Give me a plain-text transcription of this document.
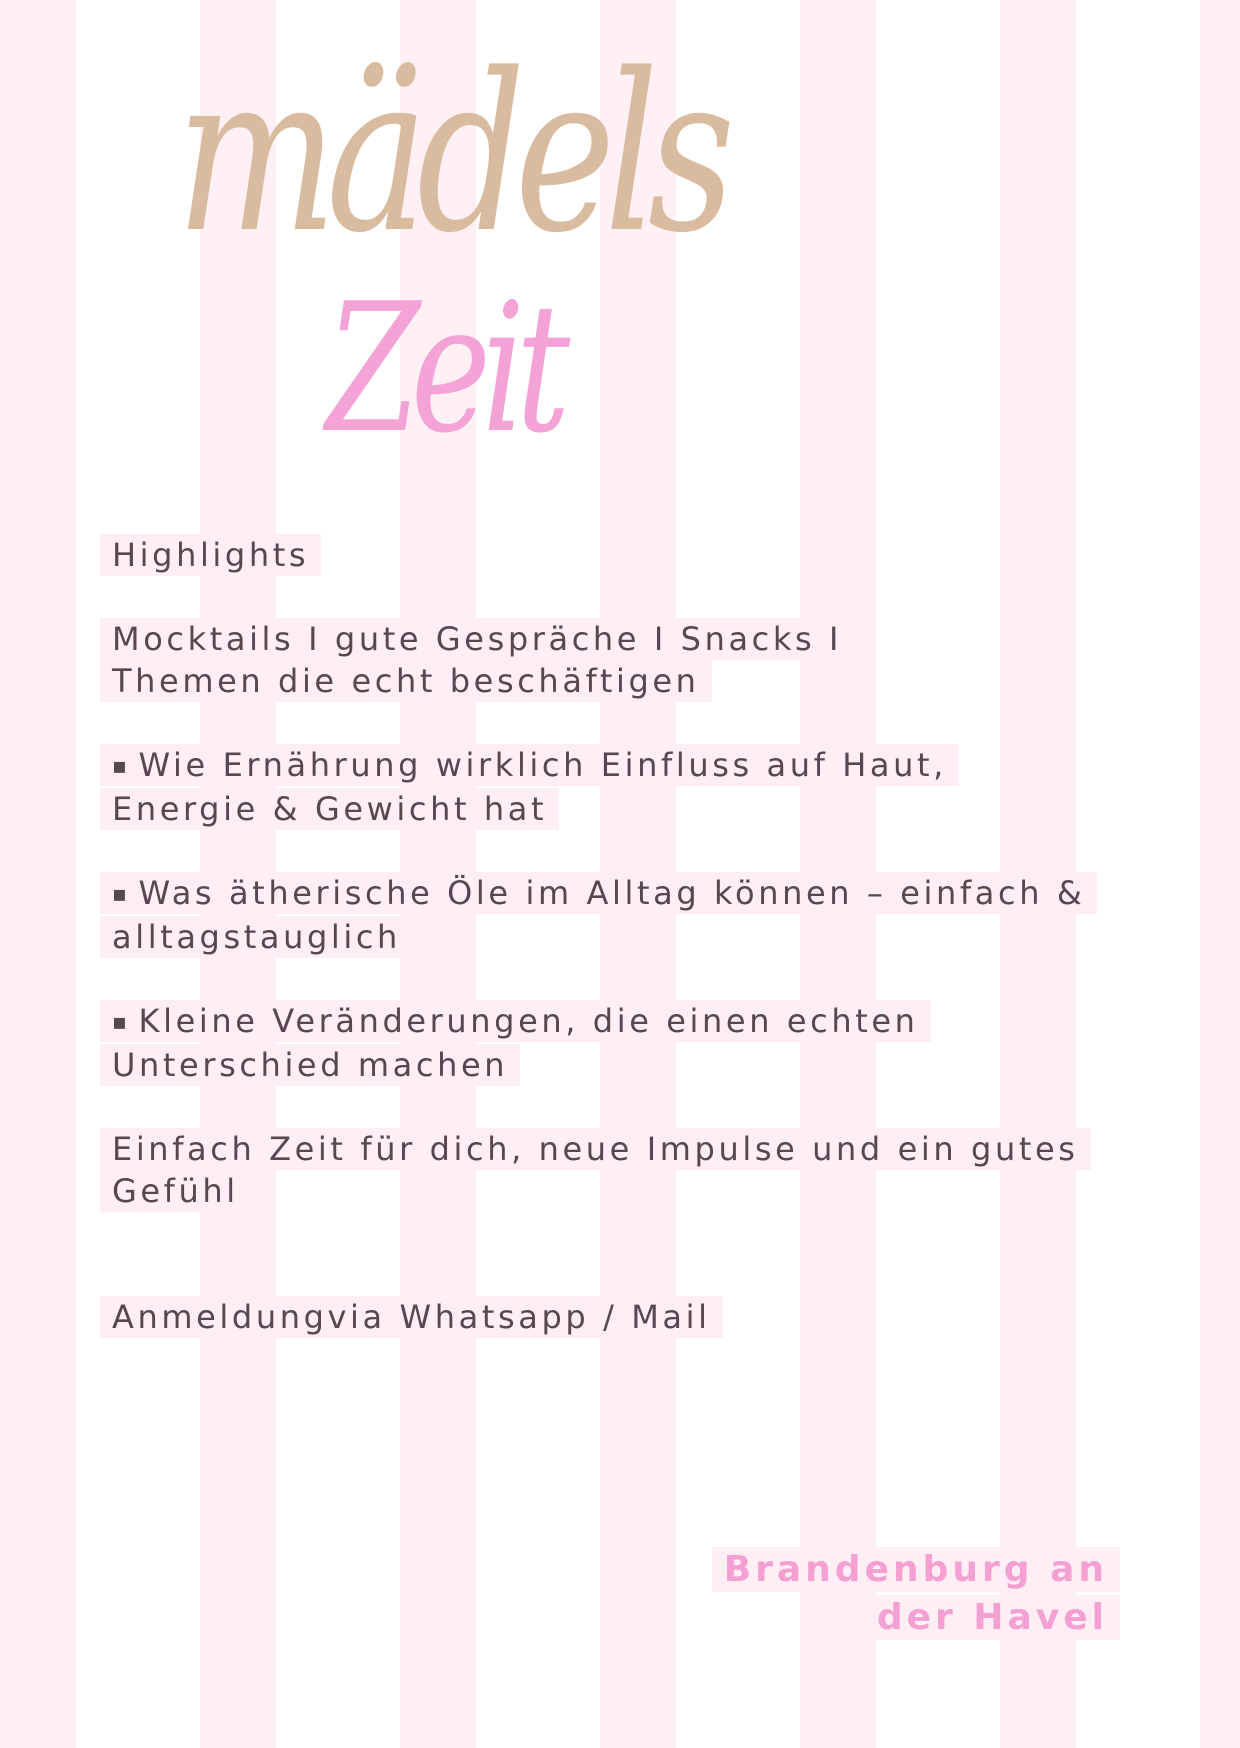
mädels
Zeit

Highlights

Mocktails I gute Gespräche I Snacks I
Themen die echt beschäftigen

▪ Wie Ernährung wirklich Einfluss auf Haut, Energie & Gewicht hat

▪ Was ätherische Öle im Alltag können – einfach & alltagstauglich

▪ Kleine Veränderungen, die einen echten Unterschied machen

Einfach Zeit für dich, neue Impulse und ein gutes Gefühl

Anmeldungvia Whatsapp / Mail

Brandenburg an der Havel
